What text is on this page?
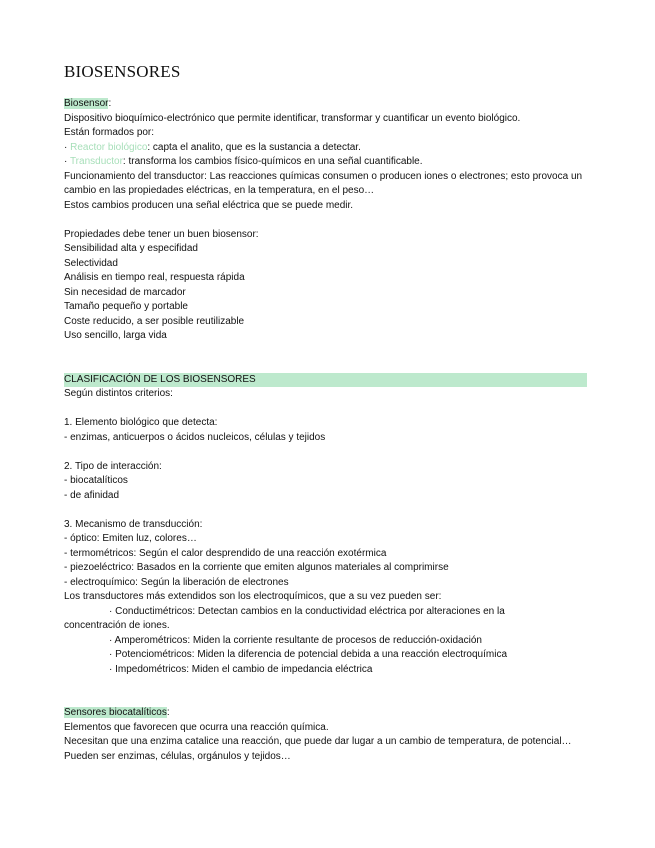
BIOSENSORES
Biosensor:
Dispositivo bioquímico-electrónico que permite identificar, transformar y cuantificar un evento biológico.
Están formados por:
· Reactor biológico: capta el analito, que es la sustancia a detectar.
· Transductor: transforma los cambios físico-químicos en una señal cuantificable.
Funcionamiento del transductor: Las reacciones químicas consumen o producen iones o electrones; esto provoca un cambio en las propiedades eléctricas, en la temperatura, en el peso…
Estos cambios producen una señal eléctrica que se puede medir.
Propiedades debe tener un buen biosensor:
Sensibilidad alta y especifidad
Selectividad
Análisis en tiempo real, respuesta rápida
Sin necesidad de marcador
Tamaño pequeño y portable
Coste reducido, a ser posible reutilizable
Uso sencillo, larga vida
CLASIFICACIÓN DE LOS BIOSENSORES
Según distintos criterios:
1. Elemento biológico que detecta:
- enzimas, anticuerpos o ácidos nucleicos, células y tejidos
2. Tipo de interacción:
- biocatalíticos
- de afinidad
3. Mecanismo de transducción:
- óptico: Emiten luz, colores…
- termométricos: Según el calor desprendido de una reacción exotérmica
- piezoeléctrico: Basados en la corriente que emiten algunos materiales al comprimirse
- electroquímico: Según la liberación de electrones
Los transductores más extendidos son los electroquímicos, que a su vez pueden ser:
· Conductimétricos: Detectan cambios en la conductividad eléctrica por alteraciones en la
concentración de iones.
· Amperométricos: Miden la corriente resultante de procesos de reducción-oxidación
· Potenciométricos: Miden la diferencia de potencial debida a una reacción electroquímica
· Impedométricos: Miden el cambio de impedancia eléctrica
Sensores biocatalíticos:
Elementos que favorecen que ocurra una reacción química.
Necesitan que una enzima catalice una reacción, que puede dar lugar a un cambio de temperatura, de potencial…
Pueden ser enzimas, células, orgánulos y tejidos…
